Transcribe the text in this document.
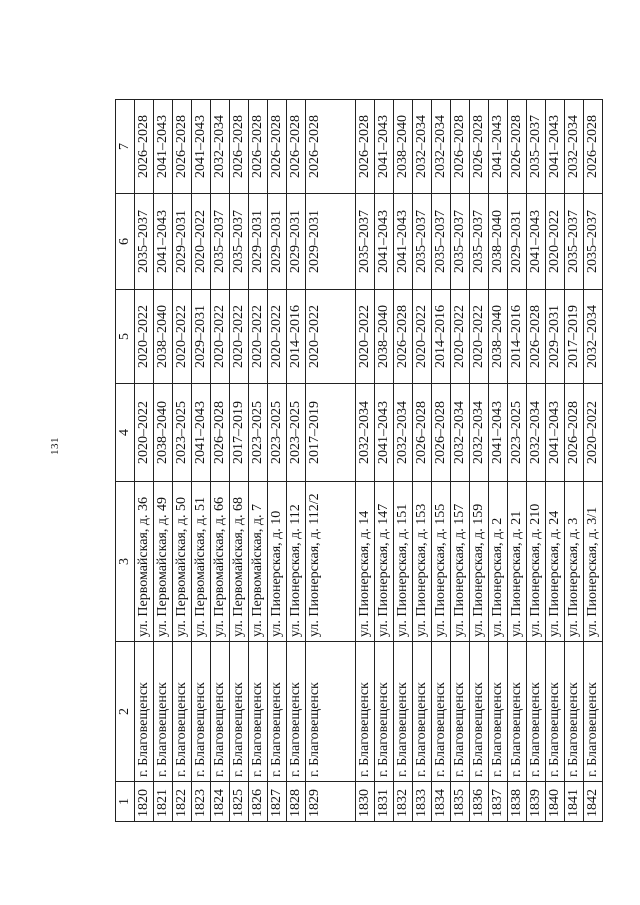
131
1	2	3	4	5	6	7
1820	г. Благовещенск	ул. Первомайская, д. 36	2020–2022	2020–2022	2035–2037	2026–2028
1821	г. Благовещенск	ул. Первомайская, д. 49	2038–2040	2038–2040	2041–2043	2041–2043
1822	г. Благовещенск	ул. Первомайская, д. 50	2023–2025	2020–2022	2029–2031	2026–2028
1823	г. Благовещенск	ул. Первомайская, д. 51	2041–2043	2029–2031	2020–2022	2041–2043
1824	г. Благовещенск	ул. Первомайская, д. 66	2026–2028	2020–2022	2035–2037	2032–2034
1825	г. Благовещенск	ул. Первомайская, д. 68	2017–2019	2020–2022	2035–2037	2026–2028
1826	г. Благовещенск	ул. Первомайская, д. 7	2023–2025	2020–2022	2029–2031	2026–2028
1827	г. Благовещенск	ул. Пионерская, д. 10	2023–2025	2020–2022	2029–2031	2026–2028
1828	г. Благовещенск	ул. Пионерская, д. 112	2023–2025	2014–2016	2029–2031	2026–2028
1829	г. Благовещенск	ул. Пионерская, д. 112/2	2017–2019	2020–2022	2029–2031	2026–2028
1830	г. Благовещенск	ул. Пионерская, д. 14	2032–2034	2020–2022	2035–2037	2026–2028
1831	г. Благовещенск	ул. Пионерская, д. 147	2041–2043	2038–2040	2041–2043	2041–2043
1832	г. Благовещенск	ул. Пионерская, д. 151	2032–2034	2026–2028	2041–2043	2038–2040
1833	г. Благовещенск	ул. Пионерская, д. 153	2026–2028	2020–2022	2035–2037	2032–2034
1834	г. Благовещенск	ул. Пионерская, д. 155	2026–2028	2014–2016	2035–2037	2032–2034
1835	г. Благовещенск	ул. Пионерская, д. 157	2032–2034	2020–2022	2035–2037	2026–2028
1836	г. Благовещенск	ул. Пионерская, д. 159	2032–2034	2020–2022	2035–2037	2026–2028
1837	г. Благовещенск	ул. Пионерская, д. 2	2041–2043	2038–2040	2038–2040	2041–2043
1838	г. Благовещенск	ул. Пионерская, д. 21	2023–2025	2014–2016	2029–2031	2026–2028
1839	г. Благовещенск	ул. Пионерская, д. 210	2032–2034	2026–2028	2041–2043	2035–2037
1840	г. Благовещенск	ул. Пионерская, д. 24	2041–2043	2029–2031	2020–2022	2041–2043
1841	г. Благовещенск	ул. Пионерская, д. 3	2026–2028	2017–2019	2035–2037	2032–2034
1842	г. Благовещенск	ул. Пионерская, д. 3/1	2020–2022	2032–2034	2035–2037	2026–2028
